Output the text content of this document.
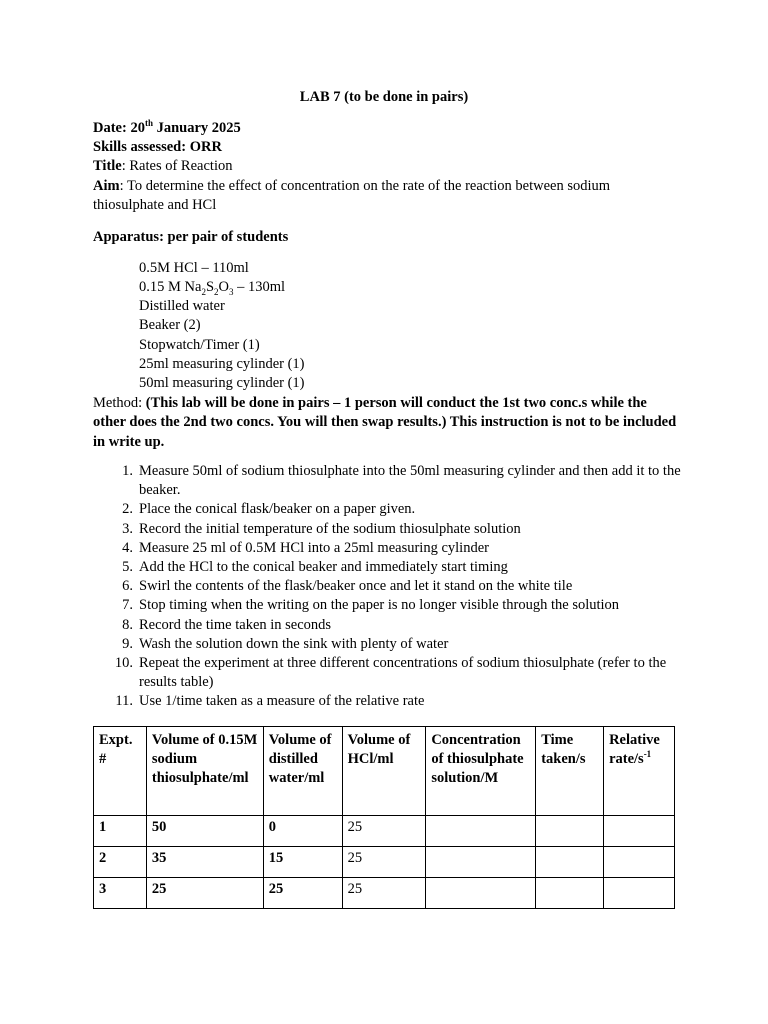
LAB 7 (to be done in pairs)
Date: 20th January 2025
Skills assessed: ORR
Title: Rates of Reaction
Aim: To determine the effect of concentration on the rate of the reaction between sodium
thiosulphate and HCl
Apparatus: per pair of students
0.5M HCl – 110ml
0.15 M $Na_2S_2O_3 - 130ml$
Distilled water
Beaker (2)
Stopwatch/Timer (1)
25ml measuring cylinder (1)
50ml measuring cylinder (1)
Method: (This lab will be done in pairs – 1 person will conduct the 1st two conc.s while the other does the 2nd two concs. You will then swap results.) This instruction is not to be included in write up.
1. Measure 50ml of sodium thiosulphate into the 50ml measuring cylinder and then add it to the beaker.
2. Place the conical flask/beaker on a paper given.
3. Record the initial temperature of the sodium thiosulphate solution
4. Measure 25 ml of 0.5M HCl into a 25ml measuring cylinder
5. Add the HCl to the conical beaker and immediately start timing
6. Swirl the contents of the flask/beaker once and let it stand on the white tile
7. Stop timing when the writing on the paper is no longer visible through the solution
8. Record the time taken in seconds
9. Wash the solution down the sink with plenty of water
10. Repeat the experiment at three different concentrations of sodium thiosulphate (refer to the results table)
11. Use 1/time taken as a measure of the relative rate
Expt. #	Volume of 0.15M sodium thiosulphate/ml	Volume of distilled water/ml	Volume of HCl/ml	Concentration of thiosulphate solution/M	Time taken/s	Relative rate/$s^{-1}$
1	50	0	25			
2	35	15	25			
3	25	25	25			
